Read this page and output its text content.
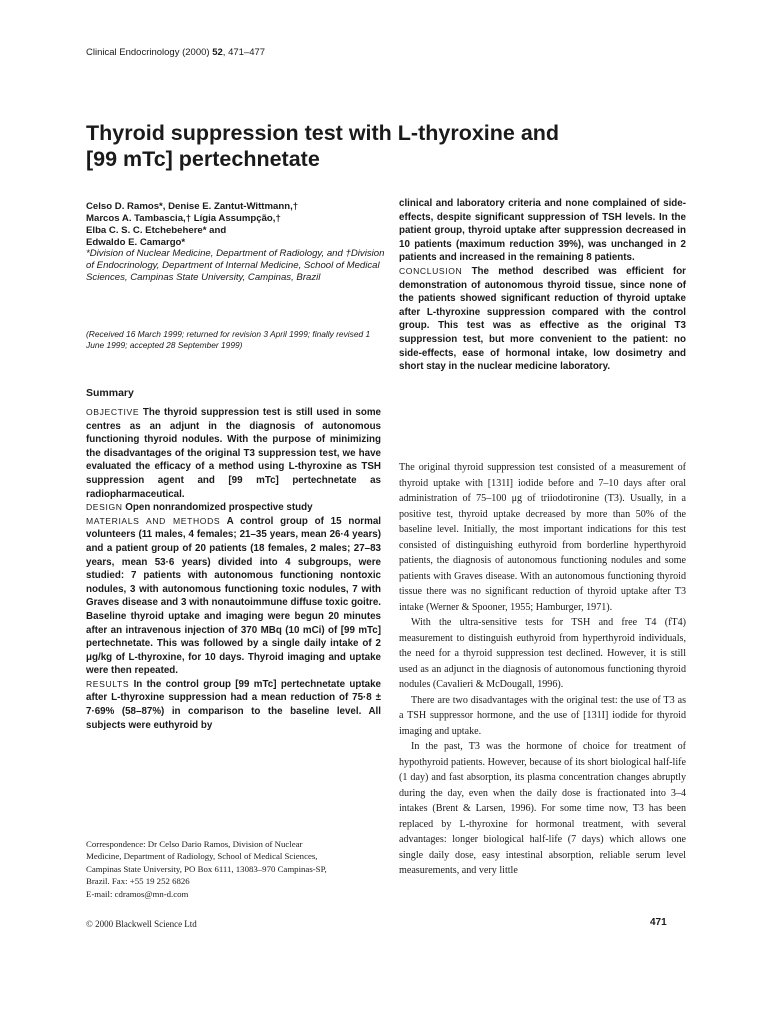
Clinical Endocrinology (2000) 52, 471–477
Thyroid suppression test with L-thyroxine and
[99 mTc] pertechnetate
Celso D. Ramos*, Denise E. Zantut-Wittmann,†
Marcos A. Tambascia,† Lígia Assumpção,†
Elba C. S. C. Etchebehere* and
Edwaldo E. Camargo*
*Division of Nuclear Medicine, Department of Radiology, and †Division of Endocrinology, Department of Internal Medicine, School of Medical Sciences, Campinas State University, Campinas, Brazil
(Received 16 March 1999; returned for revision 3 April 1999; finally revised 1 June 1999; accepted 28 September 1999)
Summary

OBJECTIVE The thyroid suppression test is still used in some centres as an adjunt in the diagnosis of autonomous functioning thyroid nodules. With the purpose of minimizing the disadvantages of the original T3 suppression test, we have evaluated the efficacy of a method using L-thyroxine as TSH suppression agent and [99 mTc] pertechnetate as radiopharmaceutical.

DESIGN Open nonrandomized prospective study

MATERIALS AND METHODS A control group of 15 normal volunteers (11 males, 4 females; 21–35 years, mean 26·4 years) and a patient group of 20 patients (18 females, 2 males; 27–83 years, mean 53·6 years) divided into 4 subgroups, were studied: 7 patients with autonomous functioning nontoxic nodules, 3 with autonomous functioning toxic nodules, 7 with Graves disease and 3 with nonautoimmune diffuse toxic goitre. Baseline thyroid uptake and imaging were begun 20 minutes after an intravenous injection of 370 MBq (10 mCi) of [99 mTc] pertechnetate. This was followed by a single daily intake of 2 μg/kg of L-thyroxine, for 10 days. Thyroid imaging and uptake were then repeated.

RESULTS In the control group [99 mTc] pertechnetate uptake after L-thyroxine suppression had a mean reduction of 75·8 ± 7·69% (58–87%) in comparison to the baseline level. All subjects were euthyroid by

Correspondence: Dr Celso Dario Ramos, Division of Nuclear
Medicine, Department of Radiology, School of Medical Sciences,
Campinas State University, PO Box 6111, 13083–970 Campinas-SP,
Brazil. Fax: +55 19 252 6826
E-mail: cdramos@mn-d.com
© 2000 Blackwell Science Ltd

clinical and laboratory criteria and none complained of side-effects, despite significant suppression of TSH levels. In the patient group, thyroid uptake after suppression decreased in 10 patients (maximum reduction 39%), was unchanged in 2 patients and increased in the remaining 8 patients.

CONCLUSION The method described was efficient for demonstration of autonomous thyroid tissue, since none of the patients showed significant reduction of thyroid uptake after L-thyroxine suppression compared with the control group. This test was as effective as the original T3 suppression test, but more convenient to the patient: no side-effects, ease of hormonal intake, low dosimetry and short stay in the nuclear medicine laboratory.

The original thyroid suppression test consisted of a measurement of thyroid uptake with [131I] iodide before and 7–10 days after oral administration of 75–100 μg of triiodotironine (T3). Usually, in a positive test, thyroid uptake decreased by more than 50% of the baseline level. Initially, the most important indications for this test consisted of distinguishing euthyroid from borderline hyperthyroid patients, the diagnosis of autonomous functioning nodules and some patients with Graves disease. With an autonomous functioning thyroid tissue there was no significant reduction of thyroid uptake after T3 intake (Werner & Spooner, 1955; Hamburger, 1971).

With the ultra-sensitive tests for TSH and free T4 (fT4) measurement to distinguish euthyroid from hyperthyroid individuals, the need for a thyroid suppression test declined. However, it is still used as an adjunct in the diagnosis of autonomous functioning thyroid nodules (Cavalieri & McDougall, 1996).

There are two disadvantages with the original test: the use of T3 as a TSH suppressor hormone, and the use of [131I] iodide for thyroid imaging and uptake.

In the past, T3 was the hormone of choice for treatment of hypothyroid patients. However, because of its short biological half-life (1 day) and fast absorption, its plasma concentration changes abruptly during the day, even when the daily dose is fractionated into 3–4 intakes (Brent & Larsen, 1996). For some time now, T3 has been replaced by L-thyroxine for hormonal treatment, with several advantages: longer biological half-life (7 days) which allows one single daily dose, easy intestinal absorption, reliable serum level measurements, and very little

471
